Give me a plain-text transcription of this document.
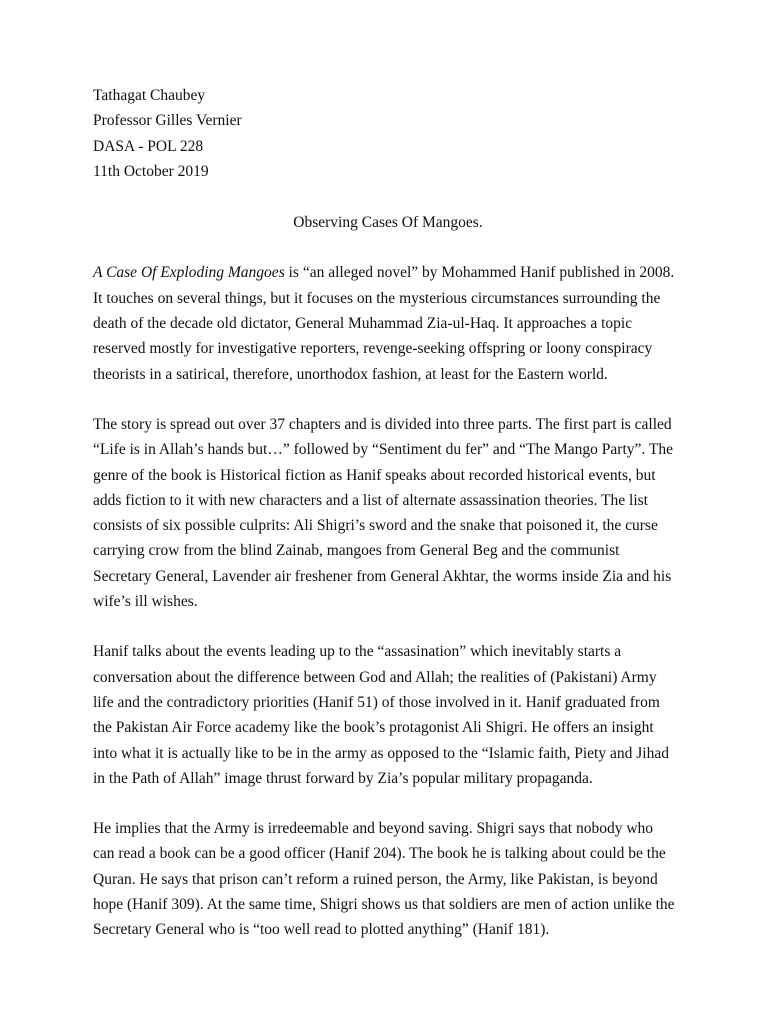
Tathagat Chaubey
Professor Gilles Vernier
DASA - POL 228
11th October 2019
Observing Cases Of Mangoes.
A Case Of Exploding Mangoes is “an alleged novel” by Mohammed Hanif published in 2008.
It touches on several things, but it focuses on the mysterious circumstances surrounding the
death of the decade old dictator, General Muhammad Zia-ul-Haq. It approaches a topic
reserved mostly for investigative reporters, revenge-seeking offspring or loony conspiracy
theorists in a satirical, therefore, unorthodox fashion, at least for the Eastern world.
The story is spread out over 37 chapters and is divided into three parts. The first part is called
“Life is in Allah’s hands but…” followed by “Sentiment du fer” and “The Mango Party”. The
genre of the book is Historical fiction as Hanif speaks about recorded historical events, but
adds fiction to it with new characters and a list of alternate assassination theories. The list
consists of six possible culprits: Ali Shigri’s sword and the snake that poisoned it, the curse
carrying crow from the blind Zainab, mangoes from General Beg and the communist
Secretary General, Lavender air freshener from General Akhtar, the worms inside Zia and his
wife’s ill wishes.
Hanif talks about the events leading up to the “assasination” which inevitably starts a
conversation about the difference between God and Allah; the realities of (Pakistani) Army
life and the contradictory priorities (Hanif 51) of those involved in it. Hanif graduated from
the Pakistan Air Force academy like the book’s protagonist Ali Shigri. He offers an insight
into what it is actually like to be in the army as opposed to the “Islamic faith, Piety and Jihad
in the Path of Allah” image thrust forward by Zia’s popular military propaganda.
He implies that the Army is irredeemable and beyond saving. Shigri says that nobody who
can read a book can be a good officer (Hanif 204). The book he is talking about could be the
Quran. He says that prison can’t reform a ruined person, the Army, like Pakistan, is beyond
hope (Hanif 309). At the same time, Shigri shows us that soldiers are men of action unlike the
Secretary General who is “too well read to plotted anything” (Hanif 181).
